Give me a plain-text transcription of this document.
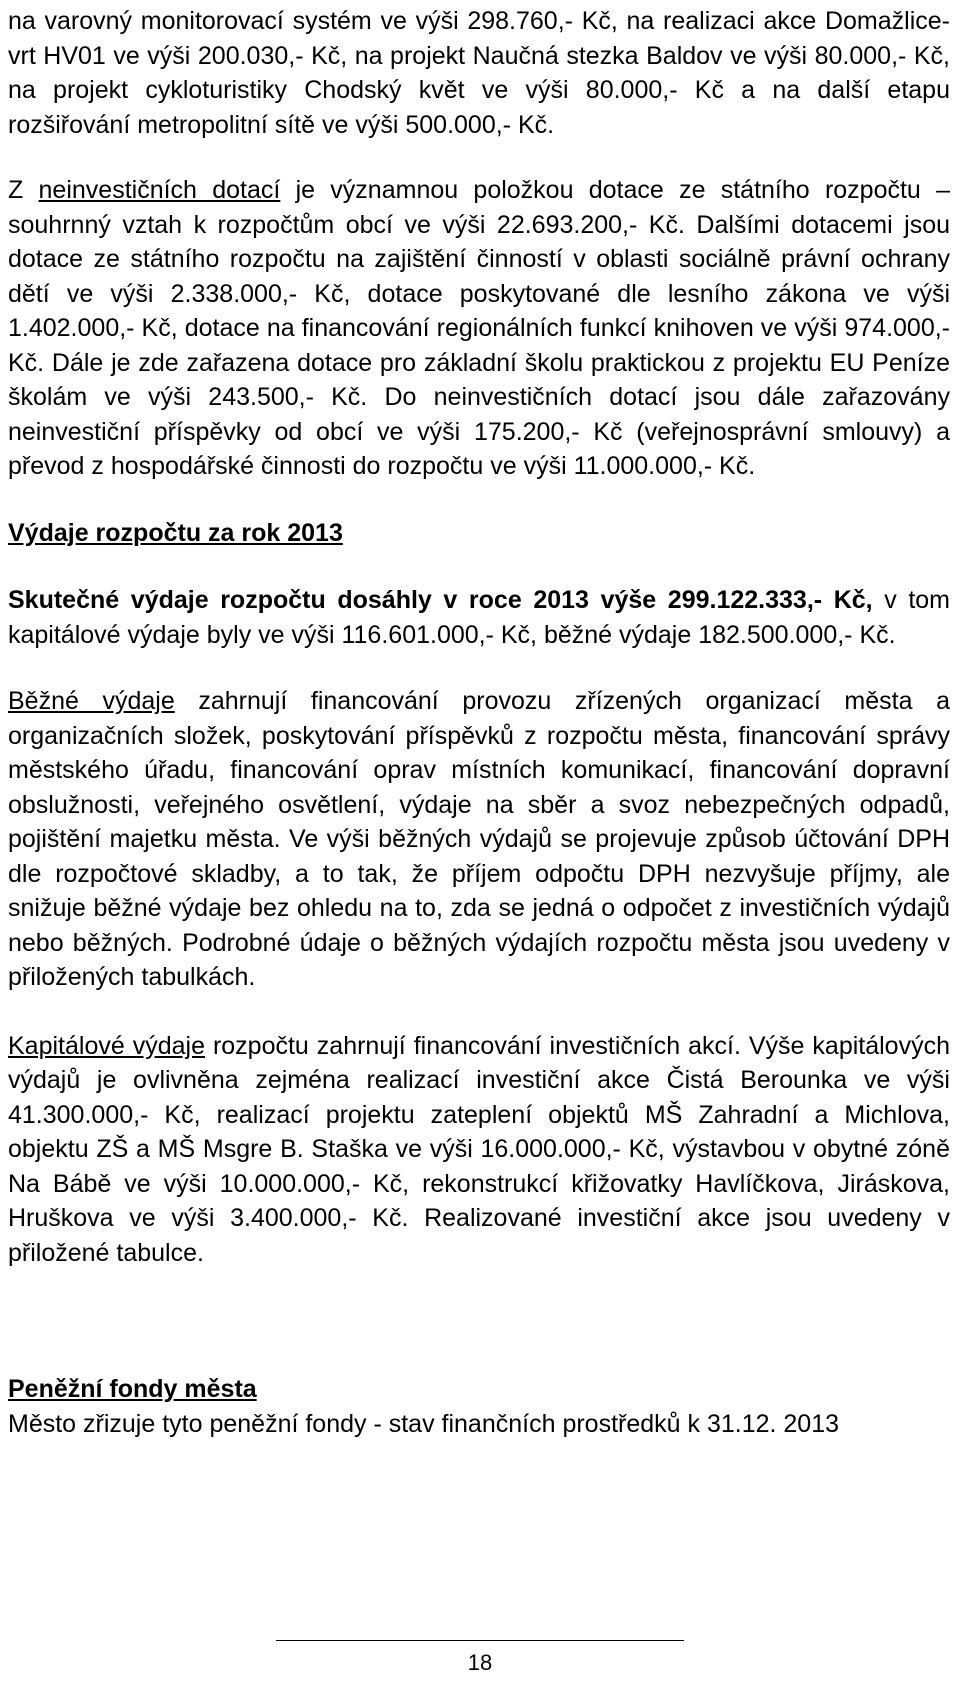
na varovný monitorovací systém ve výši 298.760,- Kč, na realizaci akce Domažlice- vrt HV01 ve výši 200.030,- Kč, na projekt Naučná stezka Baldov ve výši 80.000,- Kč, na projekt cykloturistiky Chodský květ ve výši 80.000,- Kč a na další etapu rozšiřování metropolitní sítě ve výši 500.000,- Kč.

Z neinvestičních dotací je významnou položkou dotace ze státního rozpočtu – souhrnný vztah k rozpočtům obcí ve výši 22.693.200,- Kč. Dalšími dotacemi jsou dotace ze státního rozpočtu na zajištění činností v oblasti sociálně právní ochrany dětí ve výši 2.338.000,- Kč, dotace poskytované dle lesního zákona ve výši 1.402.000,- Kč, dotace na financování regionálních funkcí knihoven ve výši 974.000,- Kč. Dále je zde zařazena dotace pro základní školu praktickou z projektu EU Peníze školám ve výši 243.500,- Kč. Do neinvestičních dotací jsou dále zařazovány neinvestiční příspěvky od obcí ve výši 175.200,- Kč (veřejnosprávní smlouvy) a převod z hospodářské činnosti do rozpočtu ve výši 11.000.000,- Kč.

Výdaje rozpočtu za rok 2013

Skutečné výdaje rozpočtu dosáhly v roce 2013 výše 299.122.333,- Kč, v tom kapitálové výdaje byly ve výši 116.601.000,- Kč, běžné výdaje 182.500.000,- Kč.

Běžné výdaje zahrnují financování provozu zřízených organizací města a organizačních složek, poskytování příspěvků z rozpočtu města, financování správy městského úřadu, financování oprav místních komunikací, financování dopravní obslužnosti, veřejného osvětlení, výdaje na sběr a svoz nebezpečných odpadů, pojištění majetku města. Ve výši běžných výdajů se projevuje způsob účtování DPH dle rozpočtové skladby, a to tak, že příjem odpočtu DPH nezvyšuje příjmy, ale snižuje běžné výdaje bez ohledu na to, zda se jedná o odpočet z investičních výdajů nebo běžných. Podrobné údaje o běžných výdajích rozpočtu města jsou uvedeny v přiložených tabulkách.

Kapitálové výdaje rozpočtu zahrnují financování investičních akcí. Výše kapitálových výdajů je ovlivněna zejména realizací investiční akce Čistá Berounka ve výši 41.300.000,- Kč, realizací projektu zateplení objektů MŠ Zahradní a Michlova, objektu ZŠ a MŠ Msgre B. Staška ve výši 16.000.000,- Kč, výstavbou v obytné zóně Na Bábě ve výši 10.000.000,- Kč, rekonstrukcí křižovatky Havlíčkova, Jiráskova, Hruškova ve výši 3.400.000,- Kč. Realizované investiční akce jsou uvedeny v přiložené tabulce.

Peněžní fondy města

Město zřizuje tyto peněžní fondy - stav finančních prostředků k 31.12. 2013

18
